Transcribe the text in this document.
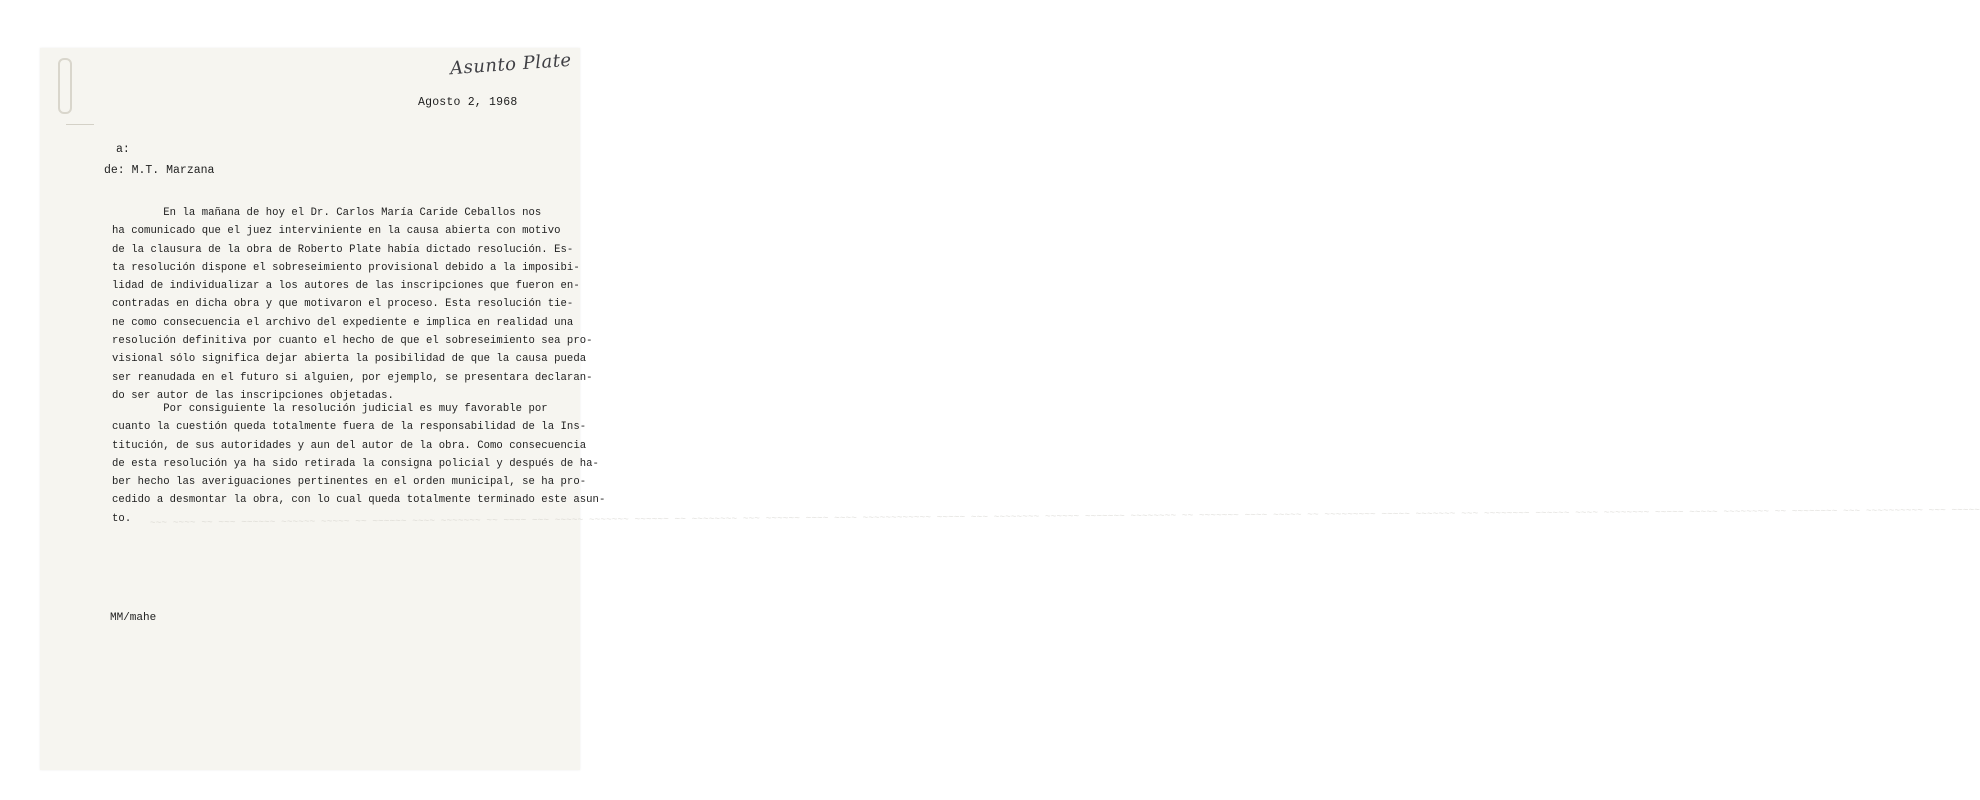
~~~ ~~~~ ~~ ~~~ ~~~~~~ ~~~~~~ ~~~~~ ~~ ~~~~~~ ~~~~ ~~~~~~~ ~~ ~~~~ ~~~ ~~~~~ ~~~~~~~ ~~~~~~ ~~ ~~~~~~~~ ~~~ ~~~~~~ ~~~~ ~~~~ ~~~~~~~~~~~~ ~~~~~ ~~~ ~~~~~~~~ ~~~~~~ ~~~~~~~ ~~~~~~~~ ~~ ~~~~~~~ ~~~~ ~~~~~ ~~ ~~~~~~~~~ ~~~~~ ~~~~~~~ ~~~ ~~~~~~~~ ~~~~~~ ~~~~ ~~~~~~~~ ~~~~~ ~~~~~ ~~~~~~~~ ~~ ~~~~~~~~ ~~~ ~~~~~~~~~~ ~~~ ~~~~~
Asunto Plate
Agosto 2, 1968
a:
de: M.T. Marzana
En la mañana de hoy el Dr. Carlos María Caride Ceballos nos
ha comunicado que el juez interviniente en la causa abierta con motivo
de la clausura de la obra de Roberto Plate había dictado resolución. Es-
ta resolución dispone el sobreseimiento provisional debido a la imposibi-
lidad de individualizar a los autores de las inscripciones que fueron en-
contradas en dicha obra y que motivaron el proceso. Esta resolución tie-
ne como consecuencia el archivo del expediente e implica en realidad una
resolución definitiva por cuanto el hecho de que el sobreseimiento sea pro-
visional sólo significa dejar abierta la posibilidad de que la causa pueda
ser reanudada en el futuro si alguien, por ejemplo, se presentara declaran-
do ser autor de las inscripciones objetadas.
Por consiguiente la resolución judicial es muy favorable por
cuanto la cuestión queda totalmente fuera de la responsabilidad de la Ins-
titución, de sus autoridades y aun del autor de la obra. Como consecuencia
de esta resolución ya ha sido retirada la consigna policial y después de ha-
ber hecho las averiguaciones pertinentes en el orden municipal, se ha pro-
cedido a desmontar la obra, con lo cual queda totalmente terminado este asun-
to.
MM/mahe
